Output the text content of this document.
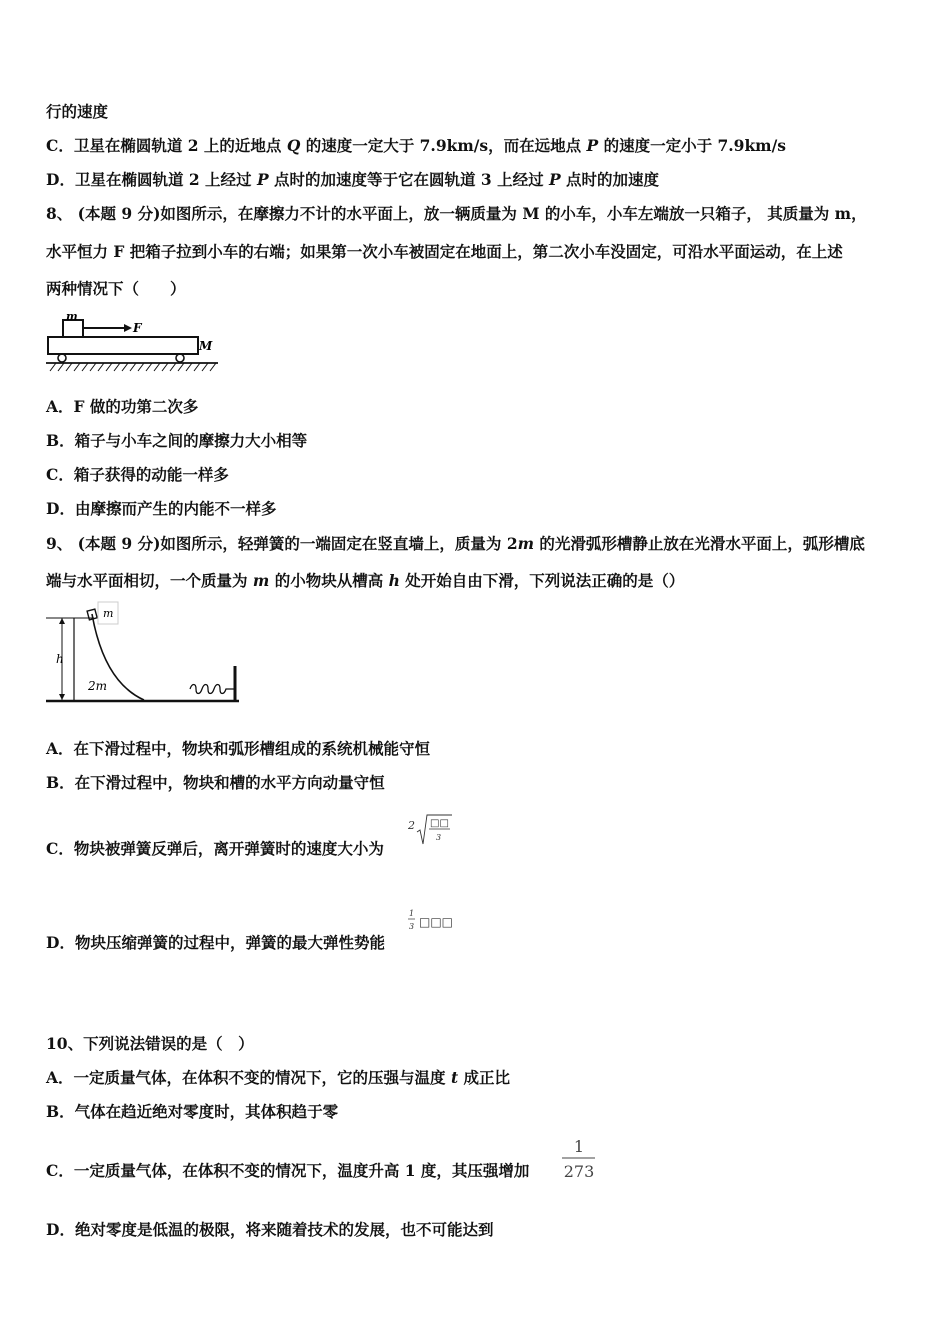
行的速度
C．卫星在椭圆轨道 2 上的近地点 Q 的速度一定大于 7.9km/s，而在远地点 P 的速度一定小于 7.9km/s
D．卫星在椭圆轨道 2 上经过 P 点时的加速度等于它在圆轨道 3 上经过 P 点时的加速度
8、 (本题 9 分)如图所示，在摩擦力不计的水平面上，放一辆质量为 M 的小车，小车左端放一只箱子， 其质量为 m，
水平恒力 F 把箱子拉到小车的右端；如果第一次小车被固定在地面上，第二次小车没固定，可沿水平面运动，在上述
两种情况下（　　）
m
F
M
A．F 做的功第二次多
B．箱子与小车之间的摩擦力大小相等
C．箱子获得的动能一样多
D．由摩擦而产生的内能不一样多
9、 (本题 9 分)如图所示，轻弹簧的一端固定在竖直墙上，质量为 2m 的光滑弧形槽静止放在光滑水平面上，弧形槽底
端与水平面相切，一个质量为 m 的小物块从槽高 h 处开始自由下滑，下列说法正确的是（）
h
2m
m
A．在下滑过程中，物块和弧形槽组成的系统机械能守恒
B．在下滑过程中，物块和槽的水平方向动量守恒
C．物块被弹簧反弹后，离开弹簧时的速度大小为
2 □□
3
D．物块压缩弹簧的过程中，弹簧的最大弹性势能
1
3 □□□
10、下列说法错误的是（　）
A．一定质量气体，在体积不变的情况下，它的压强与温度 t 成正比
B．气体在趋近绝对零度时，其体积趋于零
C．一定质量气体，在体积不变的情况下，温度升高 1 度，其压强增加
1
273
D．绝对零度是低温的极限，将来随着技术的发展，也不可能达到
